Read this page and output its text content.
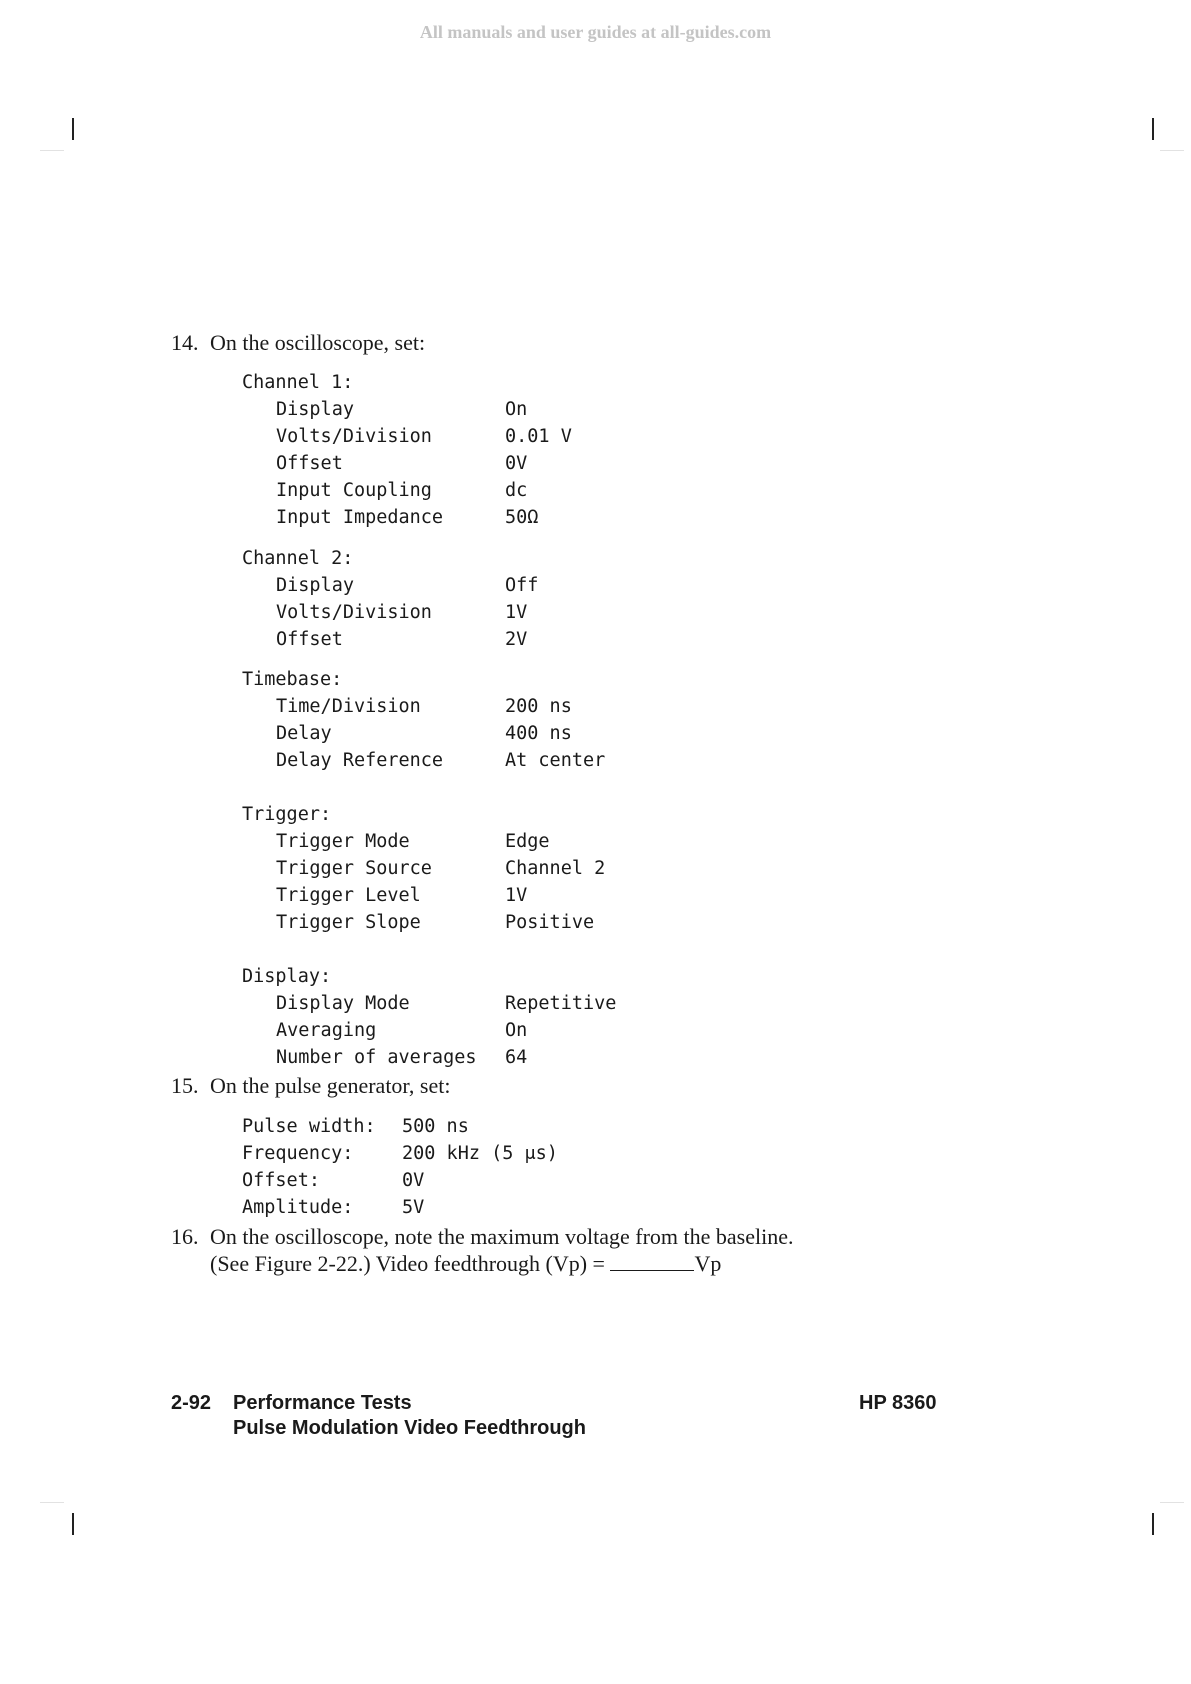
All manuals and user guides at all-guides.com
14. On the oscilloscope, set:
Channel 1:
Display	On
Volts/Division	0.01 V
Offset	0V
Input Coupling	dc
Input Impedance	50Ω
Channel 2:
Display	Off
Volts/Division	1V
Offset	2V
Timebase:
Time/Division	200 ns
Delay	400 ns
Delay Reference	At center
Trigger:
Trigger Mode	Edge
Trigger Source	Channel 2
Trigger Level	1V
Trigger Slope	Positive
Display:
Display Mode	Repetitive
Averaging	On
Number of averages 64
15. On the pulse generator, set:
Pulse width: 500 ns
Frequency:	200 kHz (5 μs)
Offset:	0V
Amplitude:	5V
16. On the oscilloscope, note the maximum voltage from the baseline.
(See Figure 2-22.) Video feedthrough (Vp) =	Vp
2-92 Performance Tests
Pulse Modulation Video Feedthrough
HP 8360
